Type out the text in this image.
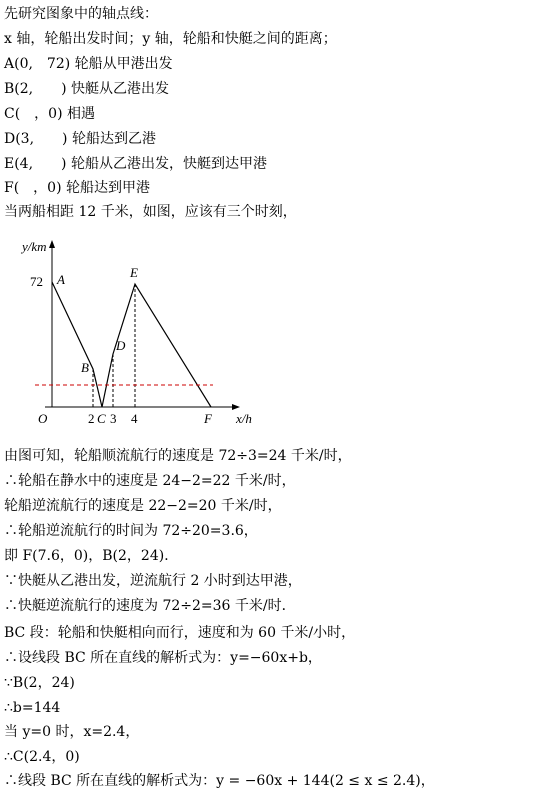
先研究图象中的轴点线：
x 轴，轮船出发时间；y 轴，轮船和快艇之间的距离；
A(0,　72) 轮船从甲港出发
B(2,　　) 快艇从乙港出发
C(　，0) 相遇
D(3,　　) 轮船达到乙港
E(4,　　) 轮船从乙港出发，快艇到达甲港
F(　，0) 轮船达到甲港
当两船相距 12 千米，如图，应该有三个时刻，
y/km
x/h
72
O	2 C 3 4	F
A
B
D
E
由图可知，轮船顺流航行的速度是 72÷3=24 千米/时，
∴轮船在静水中的速度是 24−2=22 千米/时，
轮船逆流航行的速度是 22−2=20 千米/时，
∴轮船逆流航行的时间为 72÷20=3.6，
即 F(7.6，0)，B(2，24)．
∵快艇从乙港出发，逆流航行 2 小时到达甲港，
∴快艇逆流航行的速度为 72÷2=36 千米/时．
BC 段：轮船和快艇相向而行，速度和为 60 千米/小时，
∴设线段 BC 所在直线的解析式为：y=−60x+b，
∵B(2，24)
∴b=144
当 y=0 时，x=2.4，
∴C(2.4，0)
∴线段 BC 所在直线的解析式为：y = −60x + 144(2 ≤ x ≤ 2.4)，
